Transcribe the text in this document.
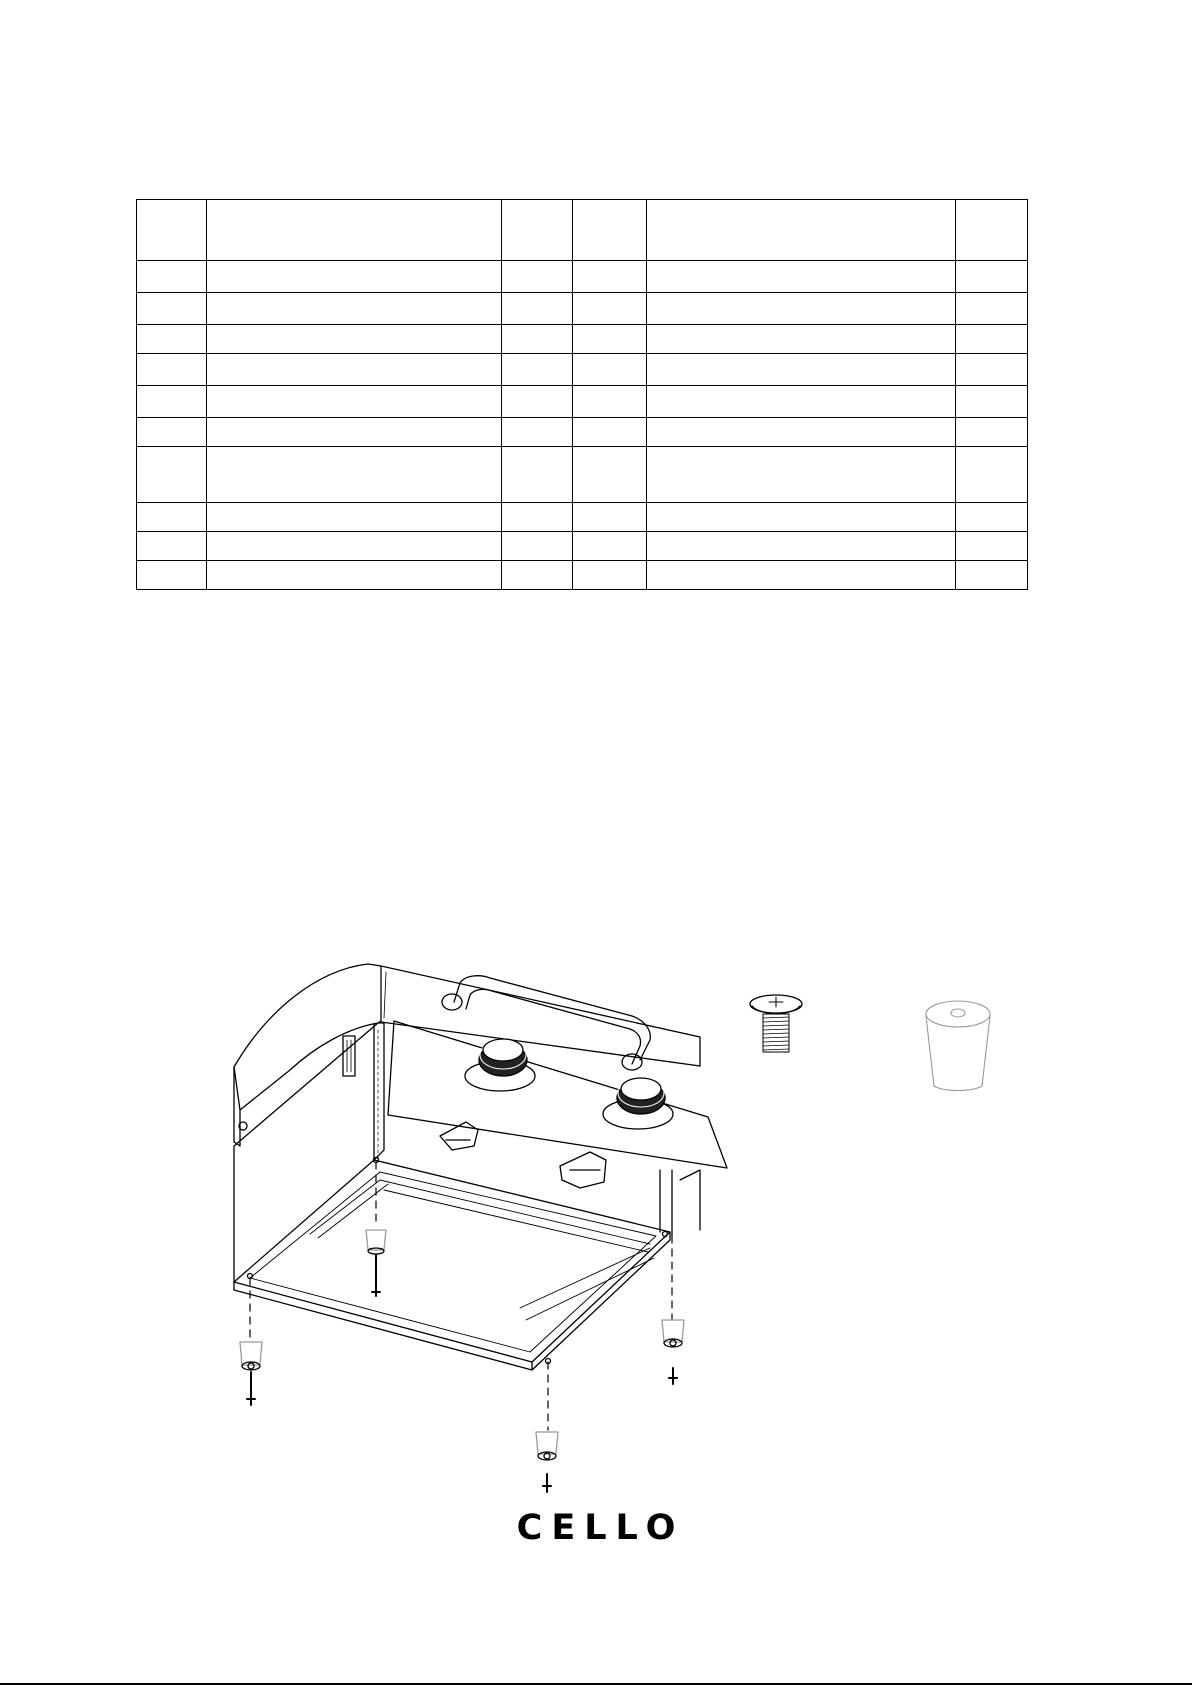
CELLO
